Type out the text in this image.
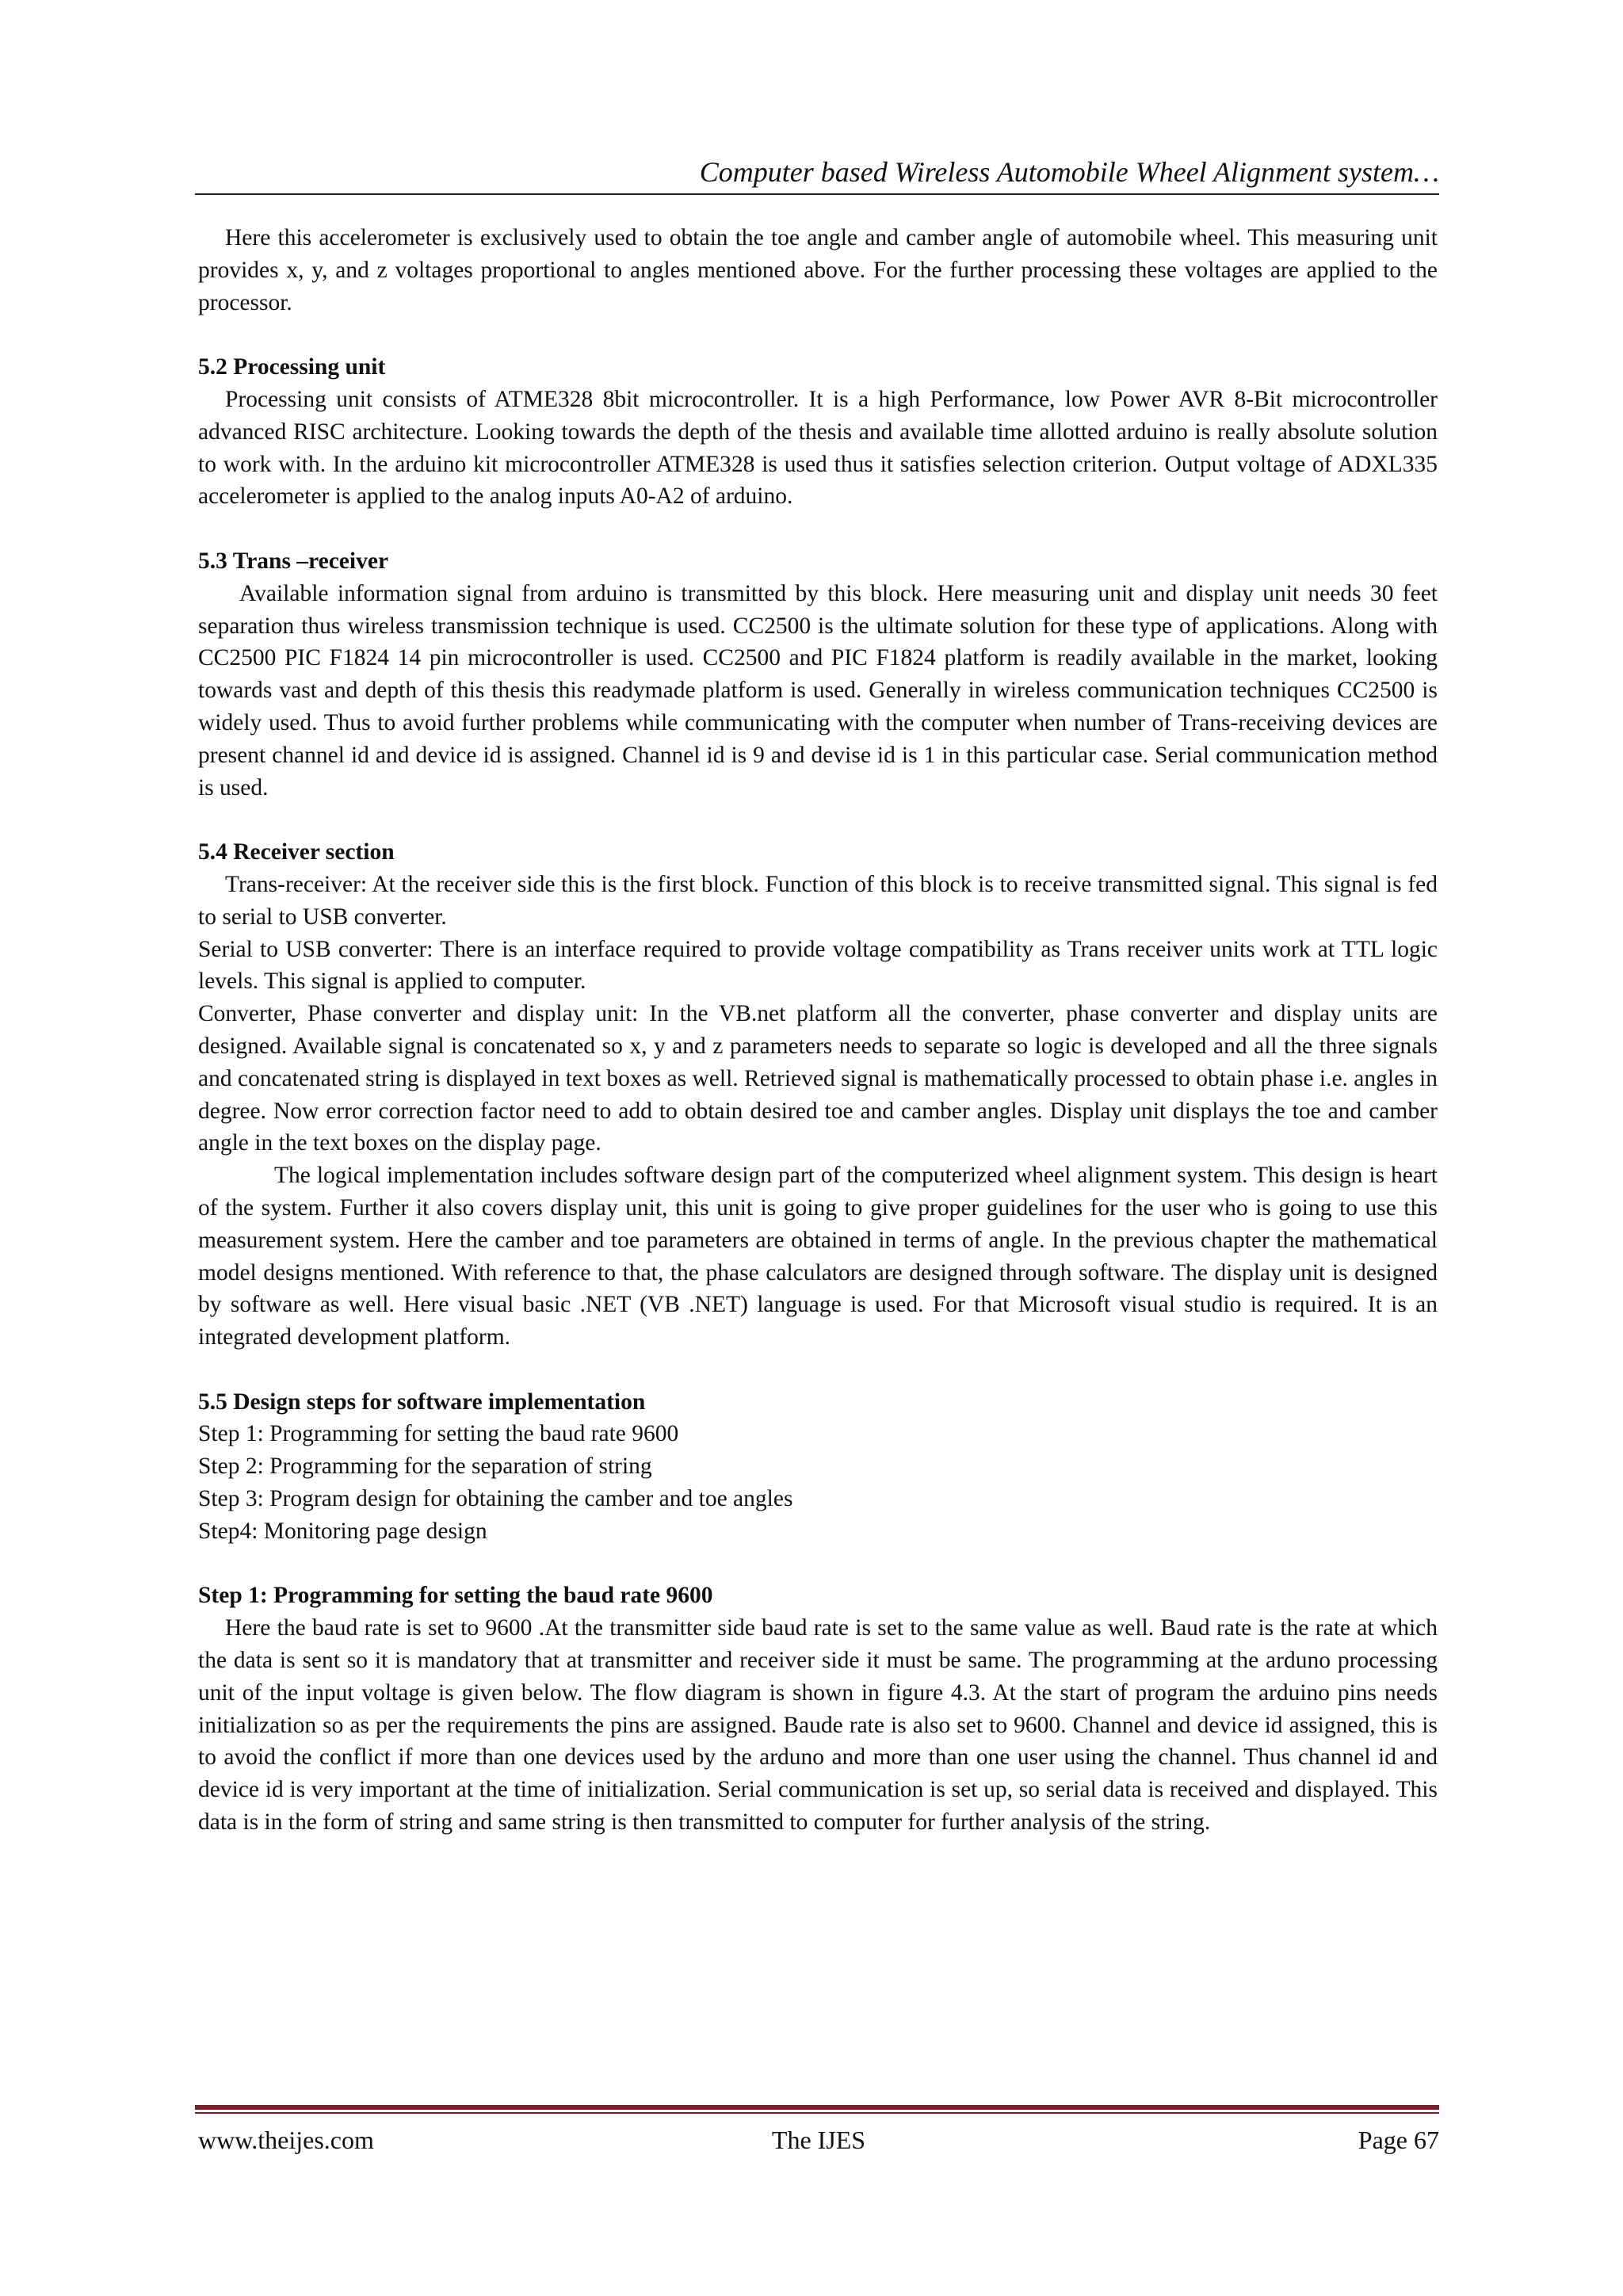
Computer based Wireless Automobile Wheel Alignment system…

Here this accelerometer is exclusively used to obtain the toe angle and camber angle of automobile wheel. This measuring unit provides x, y, and z voltages proportional to angles mentioned above. For the further processing these voltages are applied to the processor.

5.2 Processing unit

Processing unit consists of ATME328 8bit microcontroller. It is a high Performance, low Power AVR 8-Bit microcontroller advanced RISC architecture. Looking towards the depth of the thesis and available time allotted arduino is really absolute solution to work with. In the arduino kit microcontroller ATME328 is used thus it satisfies selection criterion. Output voltage of ADXL335 accelerometer is applied to the analog inputs A0-A2 of arduino.

5.3 Trans –receiver

Available information signal from arduino is transmitted by this block. Here measuring unit and display unit needs 30 feet separation thus wireless transmission technique is used. CC2500 is the ultimate solution for these type of applications. Along with CC2500 PIC F1824 14 pin microcontroller is used. CC2500 and PIC F1824 platform is readily available in the market, looking towards vast and depth of this thesis this readymade platform is used. Generally in wireless communication techniques CC2500 is widely used. Thus to avoid further problems while communicating with the computer when number of Trans-receiving devices are present channel id and device id is assigned. Channel id is 9 and devise id is 1 in this particular case. Serial communication method is used.

5.4 Receiver section

Trans-receiver: At the receiver side this is the first block. Function of this block is to receive transmitted signal. This signal is fed to serial to USB converter.

Serial to USB converter: There is an interface required to provide voltage compatibility as Trans receiver units work at TTL logic levels. This signal is applied to computer.

Converter, Phase converter and display unit: In the VB.net platform all the converter, phase converter and display units are designed. Available signal is concatenated so x, y and z parameters needs to separate so logic is developed and all the three signals and concatenated string is displayed in text boxes as well. Retrieved signal is mathematically processed to obtain phase i.e. angles in degree. Now error correction factor need to add to obtain desired toe and camber angles. Display unit displays the toe and camber angle in the text boxes on the display page.

The logical implementation includes software design part of the computerized wheel alignment system. This design is heart of the system. Further it also covers display unit, this unit is going to give proper guidelines for the user who is going to use this measurement system. Here the camber and toe parameters are obtained in terms of angle. In the previous chapter the mathematical model designs mentioned. With reference to that, the phase calculators are designed through software. The display unit is designed by software as well. Here visual basic .NET (VB .NET) language is used. For that Microsoft visual studio is required. It is an integrated development platform.

5.5 Design steps for software implementation

Step 1: Programming for setting the baud rate 9600

Step 2: Programming for the separation of string

Step 3: Program design for obtaining the camber and toe angles

Step4: Monitoring page design

Step 1: Programming for setting the baud rate 9600

Here the baud rate is set to 9600 .At the transmitter side baud rate is set to the same value as well. Baud rate is the rate at which the data is sent so it is mandatory that at transmitter and receiver side it must be same. The programming at the arduno processing unit of the input voltage is given below. The flow diagram is shown in figure 4.3. At the start of program the arduino pins needs initialization so as per the requirements the pins are assigned. Baude rate is also set to 9600. Channel and device id assigned, this is to avoid the conflict if more than one devices used by the arduno and more than one user using the channel. Thus channel id and device id is very important at the time of initialization. Serial communication is set up, so serial data is received and displayed. This data is in the form of string and same string is then transmitted to computer for further analysis of the string.

www.theijes.com	The IJES	Page 67
